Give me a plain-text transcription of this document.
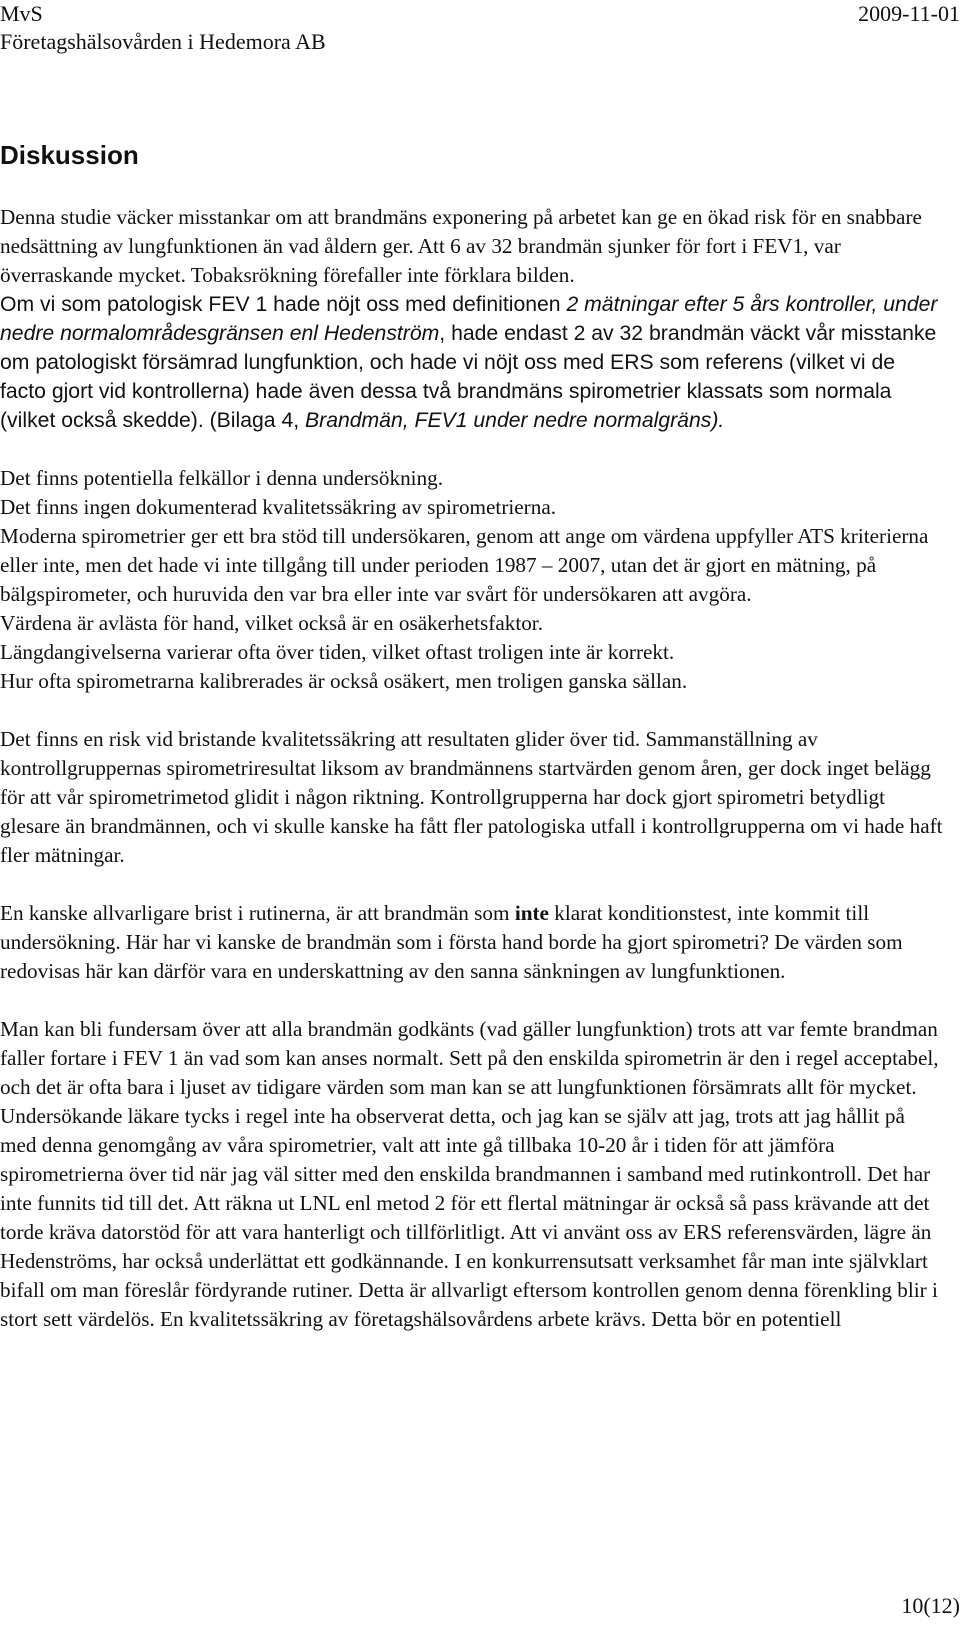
MvS	2009-11-01
Företagshälsovården i Hedemora AB
Diskussion

Denna studie väcker misstankar om att brandmäns exponering på arbetet kan ge en ökad risk för en snabbare nedsättning av lungfunktionen än vad åldern ger. Att 6 av 32 brandmän sjunker för fort i FEV1, var överraskande mycket. Tobaksrökning förefaller inte förklara bilden.

Om vi som patologisk FEV 1 hade nöjt oss med definitionen 2 mätningar efter 5 års kontroller, under nedre normalområdesgränsen enl Hedenström, hade endast 2 av 32 brandmän väckt vår misstanke om patologiskt försämrad lungfunktion, och hade vi nöjt oss med ERS som referens (vilket vi de facto gjort vid kontrollerna) hade även dessa två brandmäns spirometrier klassats som normala (vilket också skedde). (Bilaga 4, Brandmän, FEV1 under nedre normalgräns).

Det finns potentiella felkällor i denna undersökning.

Det finns ingen dokumenterad kvalitetssäkring av spirometrierna.

Moderna spirometrier ger ett bra stöd till undersökaren, genom att ange om värdena uppfyller ATS kriterierna eller inte, men det hade vi inte tillgång till under perioden 1987 – 2007, utan det är gjort en mätning, på bälgspirometer, och huruvida den var bra eller inte var svårt för undersökaren att avgöra.

Värdena är avlästa för hand, vilket också är en osäkerhetsfaktor.

Längdangivelserna varierar ofta över tiden, vilket oftast troligen inte är korrekt.

Hur ofta spirometrarna kalibrerades är också osäkert, men troligen ganska sällan.

Det finns en risk vid bristande kvalitetssäkring att resultaten glider över tid. Sammanställning av kontrollgruppernas spirometriresultat liksom av brandmännens startvärden genom åren, ger dock inget belägg för att vår spirometrimetod glidit i någon riktning. Kontrollgrupperna har dock gjort spirometri betydligt glesare än brandmännen, och vi skulle kanske ha fått fler patologiska utfall i kontrollgrupperna om vi hade haft fler mätningar.

En kanske allvarligare brist i rutinerna, är att brandmän som inte klarat konditionstest, inte kommit till undersökning. Här har vi kanske de brandmän som i första hand borde ha gjort spirometri? De värden som redovisas här kan därför vara en underskattning av den sanna sänkningen av lungfunktionen.

Man kan bli fundersam över att alla brandmän godkänts (vad gäller lungfunktion) trots att var femte brandman faller fortare i FEV 1 än vad som kan anses normalt. Sett på den enskilda spirometrin är den i regel acceptabel, och det är ofta bara i ljuset av tidigare värden som man kan se att lungfunktionen försämrats allt för mycket. Undersökande läkare tycks i regel inte ha observerat detta, och jag kan se själv att jag, trots att jag hållit på med denna genomgång av våra spirometrier, valt att inte gå tillbaka 10-20 år i tiden för att jämföra spirometrierna över tid när jag väl sitter med den enskilda brandmannen i samband med rutinkontroll. Det har inte funnits tid till det. Att räkna ut LNL enl metod 2 för ett flertal mätningar är också så pass krävande att det torde kräva datorstöd för att vara hanterligt och tillförlitligt. Att vi använt oss av ERS referensvärden, lägre än Hedenströms, har också underlättat ett godkännande. I en konkurrensutsatt verksamhet får man inte självklart bifall om man föreslår fördyrande rutiner. Detta är allvarligt eftersom kontrollen genom denna förenkling blir i stort sett värdelös. En kvalitetssäkring av företagshälsovårdens arbete krävs. Detta bör en potentiell

10(12)
